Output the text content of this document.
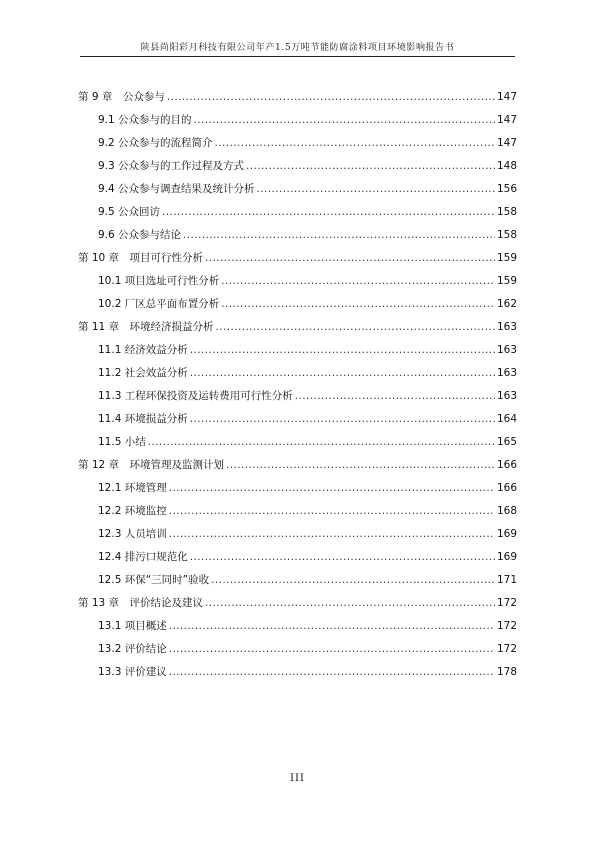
陕县尚阳彩月科技有限公司年产1.5万吨节能防腐涂料项目环境影响报告书
第 9 章　公众参与 .....	147
9.1 公众参与的目的 .....	147
9.2 公众参与的流程简介 .....	147
9.3 公众参与的工作过程及方式 .....	148
9.4 公众参与调查结果及统计分析 .....	156
9.5 公众回访 .....	158
9.6 公众参与结论 .....	158
第 10 章　项目可行性分析 .....	159
10.1 项目选址可行性分析 .....	159
10.2 厂区总平面布置分析 .....	162
第 11 章　环境经济损益分析 .....	163
11.1 经济效益分析 .....	163
11.2 社会效益分析 .....	163
11.3 工程环保投资及运转费用可行性分析 .....	163
11.4 环境损益分析 .....	164
11.5 小结 .....	165
第 12 章　环境管理及监测计划 .....	166
12.1 环境管理 .....	166
12.2 环境监控 .....	168
12.3 人员培训 .....	169
12.4 排污口规范化 .....	169
12.5 环保“三同时”验收 .....	171
第 13 章　评价结论及建议 .....	172
13.1 项目概述 .....	172
13.2 评价结论 .....	172
13.3 评价建议 .....	178
III
